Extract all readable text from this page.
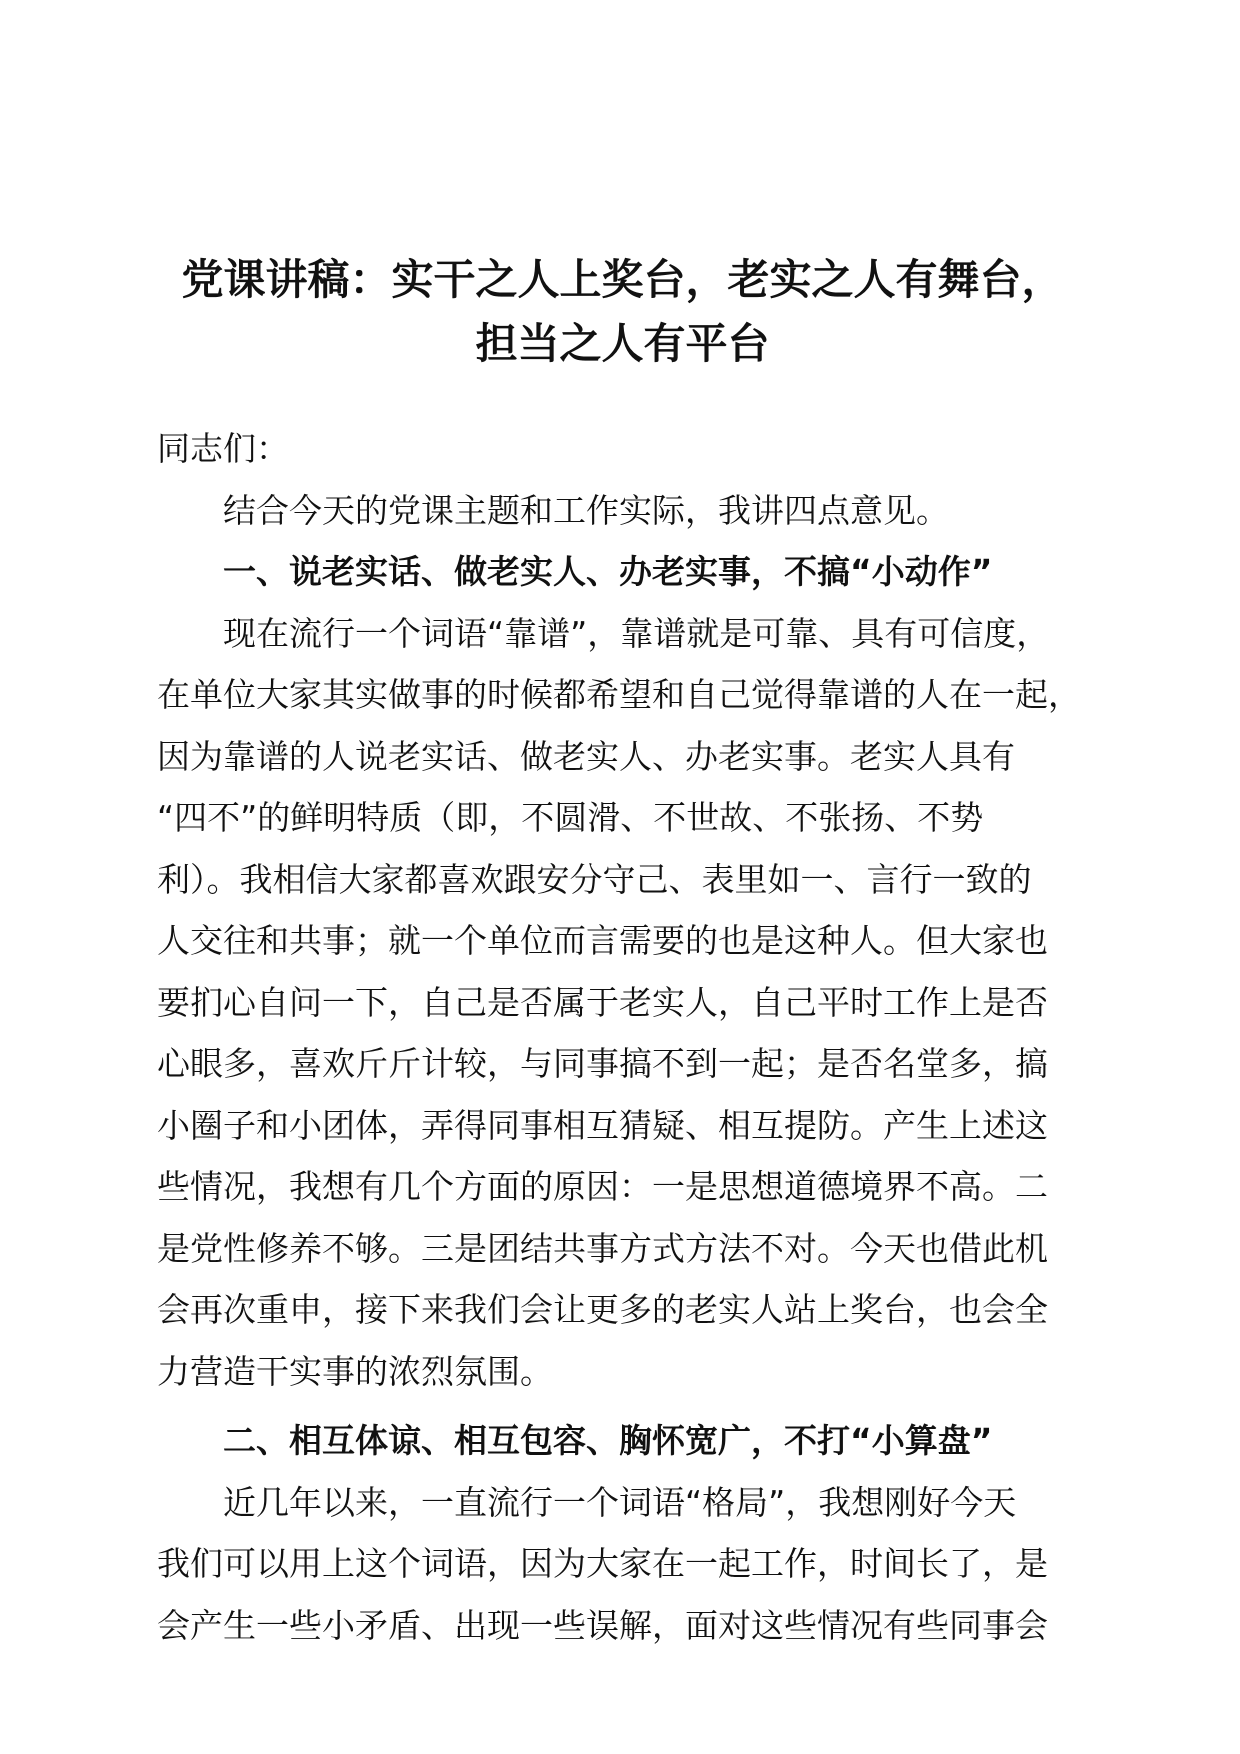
党课讲稿：实干之人上奖台，老实之人有舞台，
担当之人有平台
同志们：
结合今天的党课主题和工作实际，我讲四点意见。
一、说老实话、做老实人、办老实事，不搞“小动作”
现在流行一个词语“靠谱”，靠谱就是可靠、具有可信度，
在单位大家其实做事的时候都希望和自己觉得靠谱的人在一起，
因为靠谱的人说老实话、做老实人、办老实事。老实人具有
“四不”的鲜明特质（即，不圆滑、不世故、不张扬、不势
利）。我相信大家都喜欢跟安分守己、表里如一、言行一致的
人交往和共事；就一个单位而言需要的也是这种人。但大家也
要扪心自问一下，自己是否属于老实人，自己平时工作上是否
心眼多，喜欢斤斤计较，与同事搞不到一起；是否名堂多，搞
小圈子和小团体，弄得同事相互猜疑、相互提防。产生上述这
些情况，我想有几个方面的原因：一是思想道德境界不高。二
是党性修养不够。三是团结共事方式方法不对。今天也借此机
会再次重申，接下来我们会让更多的老实人站上奖台，也会全
力营造干实事的浓烈氛围。
二、相互体谅、相互包容、胸怀宽广，不打“小算盘”
近几年以来，一直流行一个词语“格局”，我想刚好今天
我们可以用上这个词语，因为大家在一起工作，时间长了，是
会产生一些小矛盾、出现一些误解，面对这些情况有些同事会
